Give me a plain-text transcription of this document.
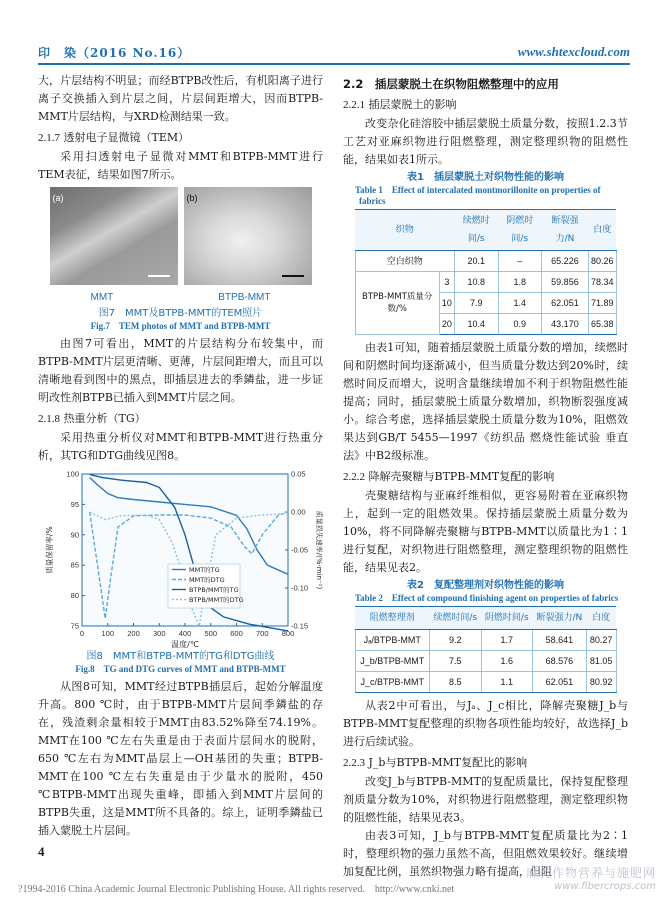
印　染（2016 No.16）	www.shtexcloud.com

大，片层结构不明显；而经BTPB改性后，有机阳离子进行离子交换插入到片层之间，片层间距增大，因而BTPB-MMT片层结构，与XRD检测结果一致。

2.1.7 透射电子显微镜（TEM）

采用扫透射电子显微对MMT和BTPB-MMT进行TEM表征，结果如图7所示。

(a)	(b)
MMT	BTPB-MMT
图7　MMT及BTPB-MMT的TEM照片
Fig.7　TEM photos of MMT and BTPB-MMT

由图7可看出，MMT的片层结构分布较集中，而BTPB-MMT片层更清晰、更薄，片层间距增大，而且可以清晰地看到图中的黑点，即插层进去的季鏻盐，进一步证明改性剂BTPB已插入到MMT片层之间。

2.1.8 热重分析（TG）

采用热重分析仪对MMT和BTPB-MMT进行热重分析，其TG和DTG曲线见图8。

0 100 200 300 400 500 600 700 800
75
80
85
90
95
100	0.05
0.00
-0.05
-0.10
-0.15
温度/℃
质量保留率/%	质量损失速率/(%·min⁻¹)
MMT的TG
MMT的DTG
BTPB/MMT的TG
BTPB/MMT的DTG
图8　MMT和BTPB-MMT的TG和DTG曲线
Fig.8　TG and DTG curves of MMT and BTPB-MMT

从图8可知，MMT经过BTPB插层后，起始分解温度升高。800 ℃时，由于BTPB-MMT片层间季鏻盐的存在，残渣剩余量相较于MMT由83.52%降至74.19%。MMT在100 ℃左右失重是由于表面片层间水的脱附，650 ℃左右为MMT晶层上—OH基团的失重；BTPB-MMT在100 ℃左右失重是由于少量水的脱附，450 ℃BTPB-MMT出现失重峰，即插入到MMT片层间的BTPB失重，这是MMT所不具备的。综上，证明季鏻盐已插入蒙脱土片层间。

2.2　插层蒙脱土在织物阻燃整理中的应用
2.2.1 插层蒙脱土的影响

改变杂化硅溶胶中插层蒙脱土质量分数，按照1.2.3节工艺对亚麻织物进行阻燃整理，测定整理织物的阻燃性能，结果如表1所示。

表1　插层蒙脱土对织物性能的影响
Table 1　Effect of intercalated montmorillonite on properties of fabrics
织物		续燃时间/s	阴燃时间/s	断裂强力/N	白度
空白织物		20.1	–	65.226	80.26
BTPB-MMT质量分数/%	3	10.8	1.8	59.856	78.34
	10	7.9	1.4	62.051	71.89
	20	10.4	0.9	43.170	65.38

由表1可知，随着插层蒙脱土质量分数的增加，续燃时间和阴燃时间均逐渐减小，但当质量分数达到20%时，续燃时间反而增大，说明含量继续增加不利于织物阻燃性能提高；同时，插层蒙脱土质量分数增加，织物断裂强度减小。综合考虑，选择插层蒙脱土质量分数为10%，阻燃效果达到GB/T 5455—1997《纺织品 燃烧性能试验 垂直法》中B2级标准。

2.2.2 降解壳聚糖与BTPB-MMT复配的影响

壳聚糖结构与亚麻纤维相似，更容易附着在亚麻织物上，起到一定的阻燃效果。保持插层蒙脱土质量分数为10%，将不同降解壳聚糖与BTPB-MMT以质量比为1∶1进行复配，对织物进行阻燃整理，测定整理织物的阻燃性能，结果见表2。

表2　复配整理剂对织物性能的影响
Table 2　Effect of compound finishing agent on properties of fabrics
阻燃整理剂	续燃时间/s	阴燃时间/s	断裂强力/N	白度
Jₐ/BTPB-MMT	9.2	1.7	58.641	80.27
J_b/BTPB-MMT	7.5	1.6	68.576	81.05
J_c/BTPB-MMT	8.5	1.1	62.051	80.92

从表2中可看出，与Jₐ、J_c相比，降解壳聚糖J_b与BTPB-MMT复配整理的织物各项性能均较好，故选择J_b进行后续试验。

2.2.3 J_b与BTPB-MMT复配比的影响

改变J_b与BTPB-MMT的复配质量比，保持复配整理剂质量分数为10%，对织物进行阻燃整理，测定整理织物的阻燃性能，结果见表3。

由表3可知，J_b与BTPB-MMT复配质量比为2∶1时，整理织物的强力虽然不高，但阻燃效果较好。继续增加复配比例，虽然织物强力略有提高，但阻

4
?1994-2016 China Academic Journal Electronic Publishing House. All rights reserved.　http://www.cnki.net
麻类作物营养与施肥网
www.fibercrops.com
